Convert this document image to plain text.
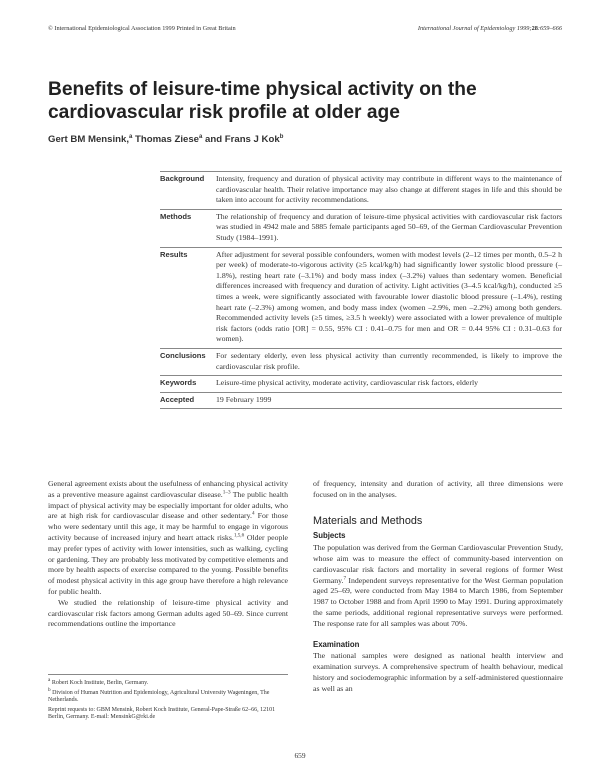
© International Epidemiological Association 1999 Printed in Great Britain	International Journal of Epidemiology 1999;28:659–666
Benefits of leisure-time physical activity on the cardiovascular risk profile at older age
Gert BM Mensink,$^a$ Thomas Ziese$^a$ and Frans J Kok$^b$
Background	Intensity, frequency and duration of physical activity may contribute in different ways to the maintenance of cardiovascular health. Their relative importance may also change at different stages in life and this should be taken into account for activity recommendations.
Methods	The relationship of frequency and duration of leisure-time physical activities with cardiovascular risk factors was studied in 4942 male and 5885 female participants aged 50–69, of the German Cardiovascular Prevention Study (1984–1991).
Results	After adjustment for several possible confounders, women with modest levels (2–12 times per month, 0.5–2 h per week) of moderate-to-vigorous activity (≥5 kcal/kg/h) had significantly lower systolic blood pressure (–1.8%), resting heart rate (–3.1%) and body mass index (–3.2%) values than sedentary women. Beneficial differences increased with frequency and duration of activity. Light activities (3–4.5 kcal/kg/h), conducted ≥5 times a week, were significantly associated with favourable lower diastolic blood pressure (–1.4%), resting heart rate (–2.3%) among women, and body mass index (women –2.9%, men –2.2%) among both genders. Recommended activity levels (≥5 times, ≥3.5 h weekly) were associated with a lower prevalence of multiple risk factors (odds ratio [OR] = 0.55, 95% CI : 0.41–0.75 for men and OR = 0.44 95% CI : 0.31–0.63 for women).
Conclusions	For sedentary elderly, even less physical activity than currently recommended, is likely to improve the cardiovascular risk profile.
Keywords	Leisure-time physical activity, moderate activity, cardiovascular risk factors, elderly
Accepted	19 February 1999

General agreement exists about the usefulness of enhancing physical activity as a preventive measure against cardiovascular disease.$^{1-3}$ The public health impact of physical activity may be especially important for older adults, who are at high risk for cardiovascular disease and other sedentary.$^4$ For those who were sedentary until this age, it may be harmful to engage in vigorous activity because of increased injury and heart attack risks.$^{1,5,6}$ Older people may prefer types of activity with lower intensities, such as walking, cycling or gardening. They are probably less motivated by competitive elements and more by health aspects of exercise compared to the young. Possible benefits of modest physical activity in this age group have therefore a high relevance for public health.

We studied the relationship of leisure-time physical activity and cardiovascular risk factors among German adults aged 50–69. Since current recommendations outline the importance

of frequency, intensity and duration of activity, all three dimensions were focused on in the analyses.

Materials and Methods
Subjects

The population was derived from the German Cardiovascular Prevention Study, whose aim was to measure the effect of community-based intervention on cardiovascular risk factors and mortality in several regions of former West Germany.$^7$ Independent surveys representative for the West German population aged 25–69, were conducted from May 1984 to March 1986, from September 1987 to October 1988 and from April 1990 to May 1991. During approximately the same periods, additional regional representative surveys were performed. The response rate for all samples was about 70%.

Examination

The national samples were designed as national health interview and examination surveys. A comprehensive spectrum of health behaviour, medical history and sociodemographic information by a self-administered questionnaire as well as an

$^a$ Robert Koch Institute, Berlin, Germany.

$^b$ Division of Human Nutrition and Epidemiology, Agricultural University Wageningen, The Netherlands.

Reprint requests to: GBM Mensink, Robert Koch Institute, General-Pape-Straße 62–66, 12101 Berlin, Germany. E-mail: MensinkG@rki.de

659
